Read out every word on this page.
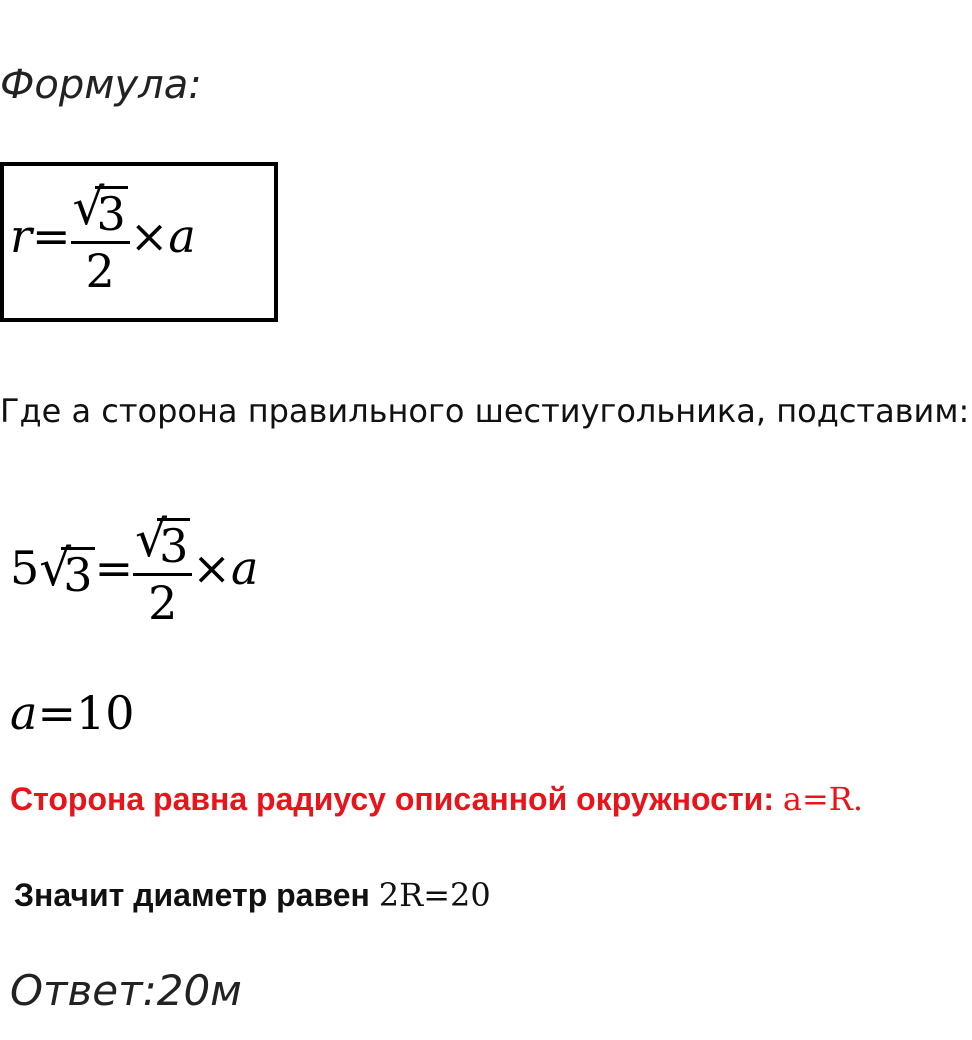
Формула:
r= √
3
2 ×a
Где a сторона правильного шестиугольника, подставим:
5 √
3= √
3
2 ×a
a=10
Сторона равна радиусу описанной окружности: a=R.
Значит диаметр равен 2R=20
Ответ:20м
